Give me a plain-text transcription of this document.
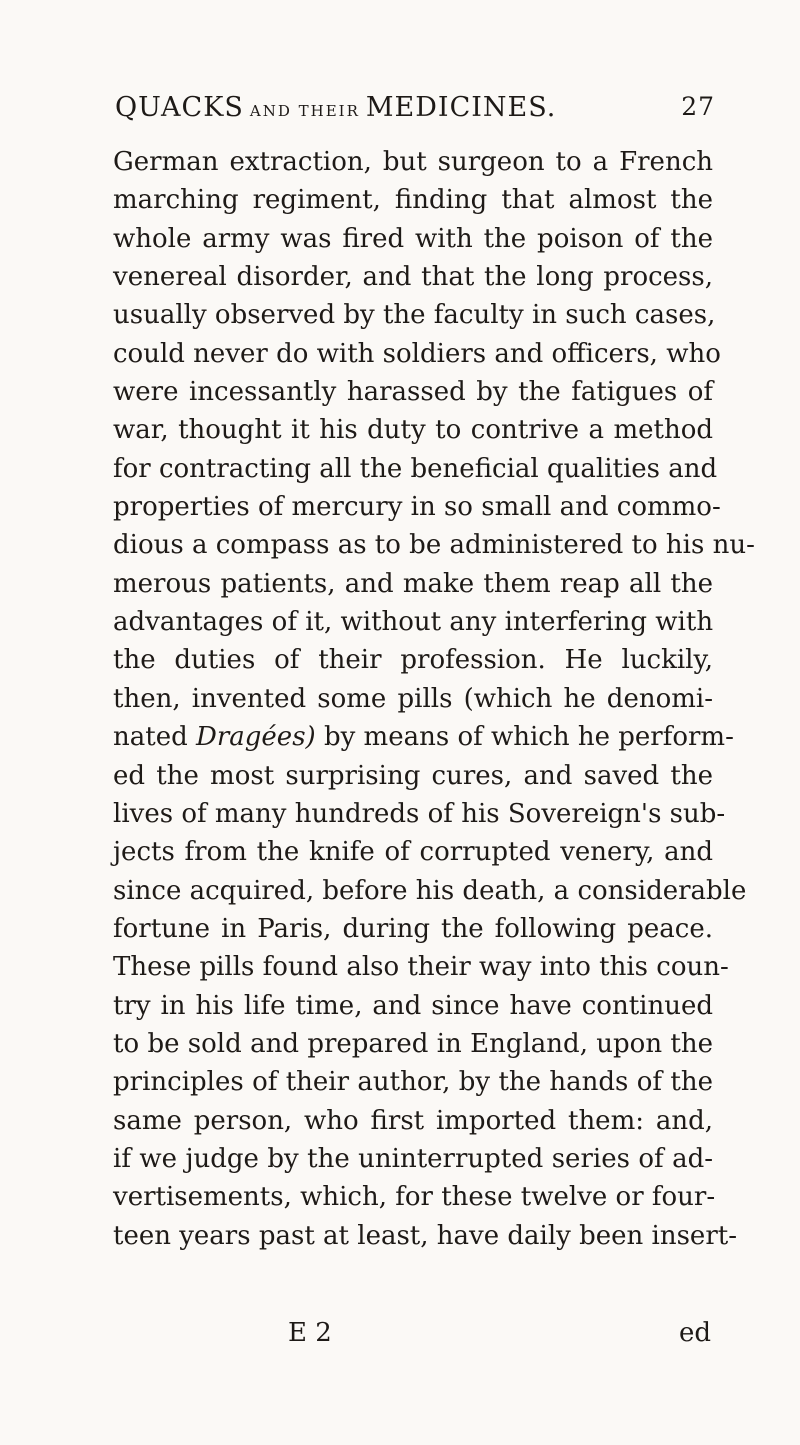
QUACKS AND THEIR MEDICINES.	27
German extraction, but surgeon to a French
marching regiment, finding that almost the
whole army was fired with the poison of the
venereal disorder, and that the long process,
usually observed by the faculty in such cases,
could never do with soldiers and officers, who
were incessantly harassed by the fatigues of
war, thought it his duty to contrive a method
for contracting all the beneficial qualities and
properties of mercury in so small and commo-
dious a compass as to be administered to his nu-
merous patients, and make them reap all the
advantages of it, without any interfering with
the duties of their profession. He luckily,
then, invented some pills (which he denomi-
nated Dragées) by means of which he perform-
ed the most surprising cures, and saved the
lives of many hundreds of his Sovereign's sub-
jects from the knife of corrupted venery, and
since acquired, before his death, a considerable
fortune in Paris, during the following peace.
These pills found also their way into this coun-
try in his life time, and since have continued
to be sold and prepared in England, upon the
principles of their author, by the hands of the
same person, who first imported them: and,
if we judge by the uninterrupted series of ad-
vertisements, which, for these twelve or four-
teen years past at least, have daily been insert-
E 2	ed
